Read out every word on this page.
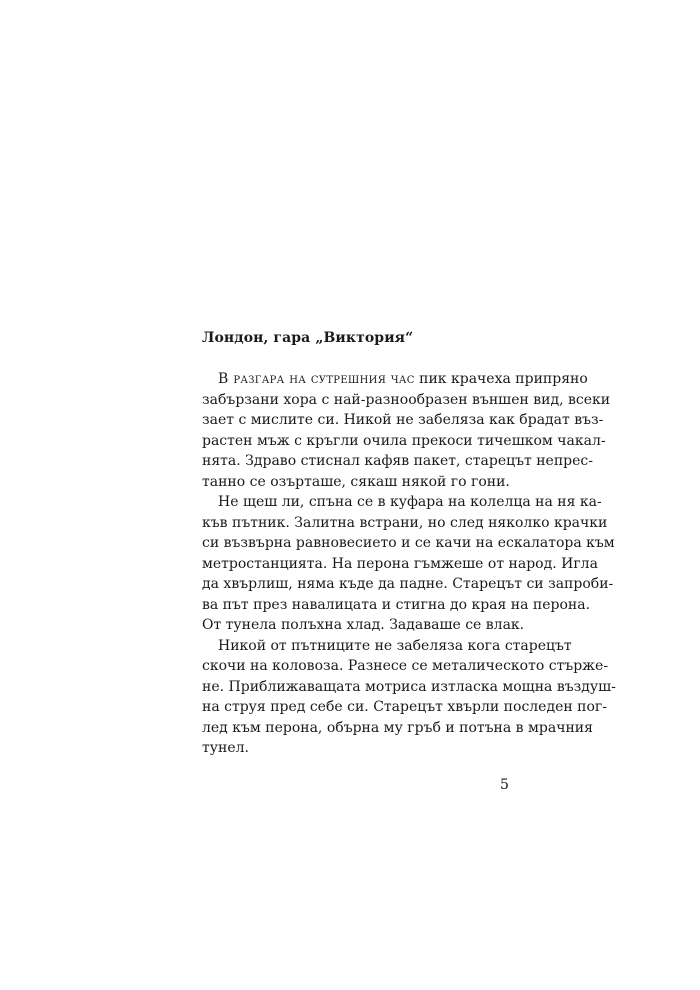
Лондон, гара „Виктория“

В разгара на сутрешния час пик крачеха припряно
забързани хора с най-разнообразен външен вид, всеки
зает с мислите си. Никой не забеляза как брадат въз-
растен мъж с кръгли очила прекоси тичешком чакал-
нята. Здраво стиснал кафяв пакет, старецът непрес-
танно се озърташе, сякаш някой го гони.

Не щеш ли, спъна се в куфара на колелца на ня ка-
къв пътник. Залитна встрани, но след няколко крачки
си възвърна равновесието и се качи на ескалатора към
метростанцията. На перона гъмжеше от народ. Игла
да хвърлиш, няма къде да падне. Старецът си запроби-
ва път през навалицата и стигна до края на перона.
От тунела полъхна хлад. Задаваше се влак.

Никой от пътниците не забеляза кога старецът
скочи на коловоза. Разнесе се металическото стърже-
не. Приближаващата мотриса изтласка мощна въздуш-
на струя пред себе си. Старецът хвърли последен пог-
лед към перона, обърна му гръб и потъна в мрачния
тунел.

5
